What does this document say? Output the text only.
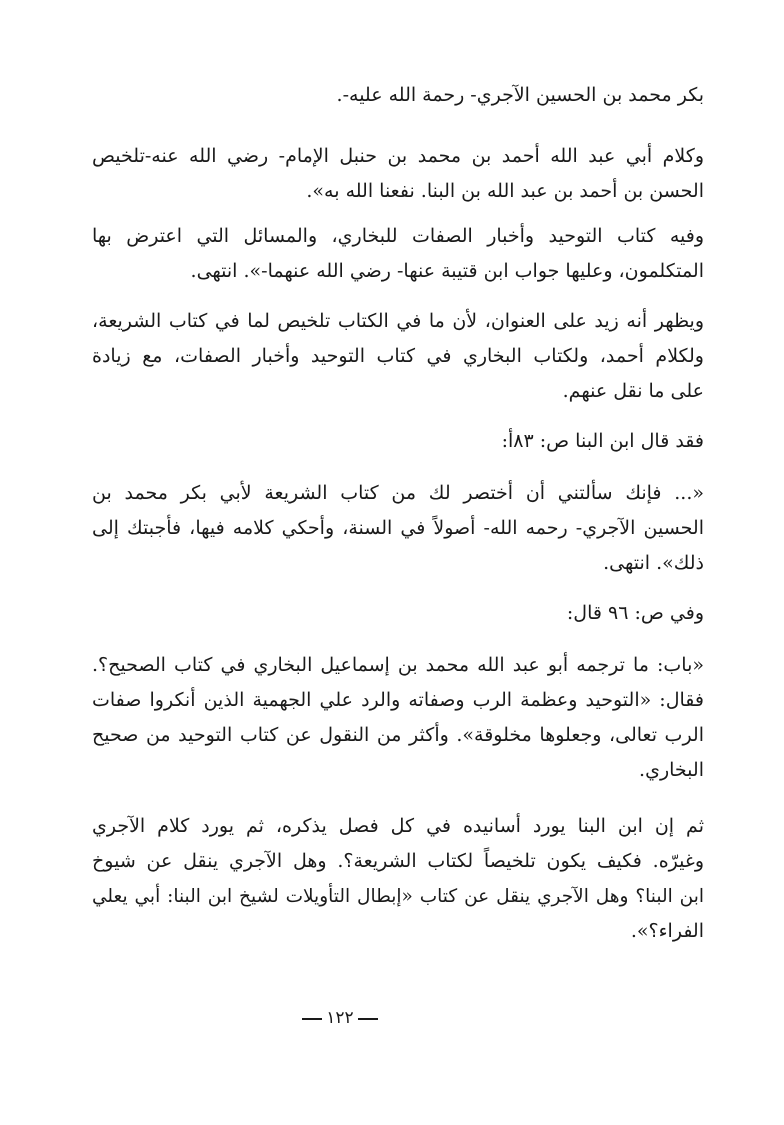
بكر محمد بن الحسين الآجري- رحمة الله عليه-.

وكلام أبي عبد الله أحمد بن محمد بن حنبل الإمام- رضي الله عنه-تلخيص
الحسن بن أحمد بن عبد الله بن البنا. نفعنا الله به».

وفيه كتاب التوحيد وأخبار الصفات للبخاري، والمسائل التي اعترض بها
المتكلمون، وعليها جواب ابن قتيبة عنها- رضي الله عنهما-». انتهى.

ويظهر أنه زيد على العنوان، لأن ما في الكتاب تلخيص لما في كتاب الشريعة،
ولكلام أحمد، ولكتاب البخاري في كتاب التوحيد وأخبار الصفات، مع زيادة
على ما نقل عنهم.

فقد قال ابن البنا ص: ٨٣أ:

«... فإنك سألتني أن أختصر لك من كتاب الشريعة لأبي بكر محمد بن
الحسين الآجري- رحمه الله- أصولاً في السنة، وأحكي كلامه فيها، فأجبتك إلى
ذلك». انتهى.

وفي ص: ٩٦ قال:

«باب: ما ترجمه أبو عبد الله محمد بن إسماعيل البخاري في كتاب الصحيح؟.
فقال: «التوحيد وعظمة الرب وصفاته والرد علي الجهمية الذين أنكروا صفات
الرب تعالى، وجعلوها مخلوقة». وأكثر من النقول عن كتاب التوحيد من صحيح
البخاري.

ثم إن ابن البنا يورد أسانيده في كل فصل يذكره، ثم يورد كلام الآجري
وغيرّه. فكيف يكون تلخيصاً لكتاب الشريعة؟. وهل الآجري ينقل عن شيوخ
ابن البنا؟ وهل الآجري ينقل عن كتاب «إبطال التأويلات لشيخ ابن البنا: أبي يعلي
الفراء؟».

١٢٢
